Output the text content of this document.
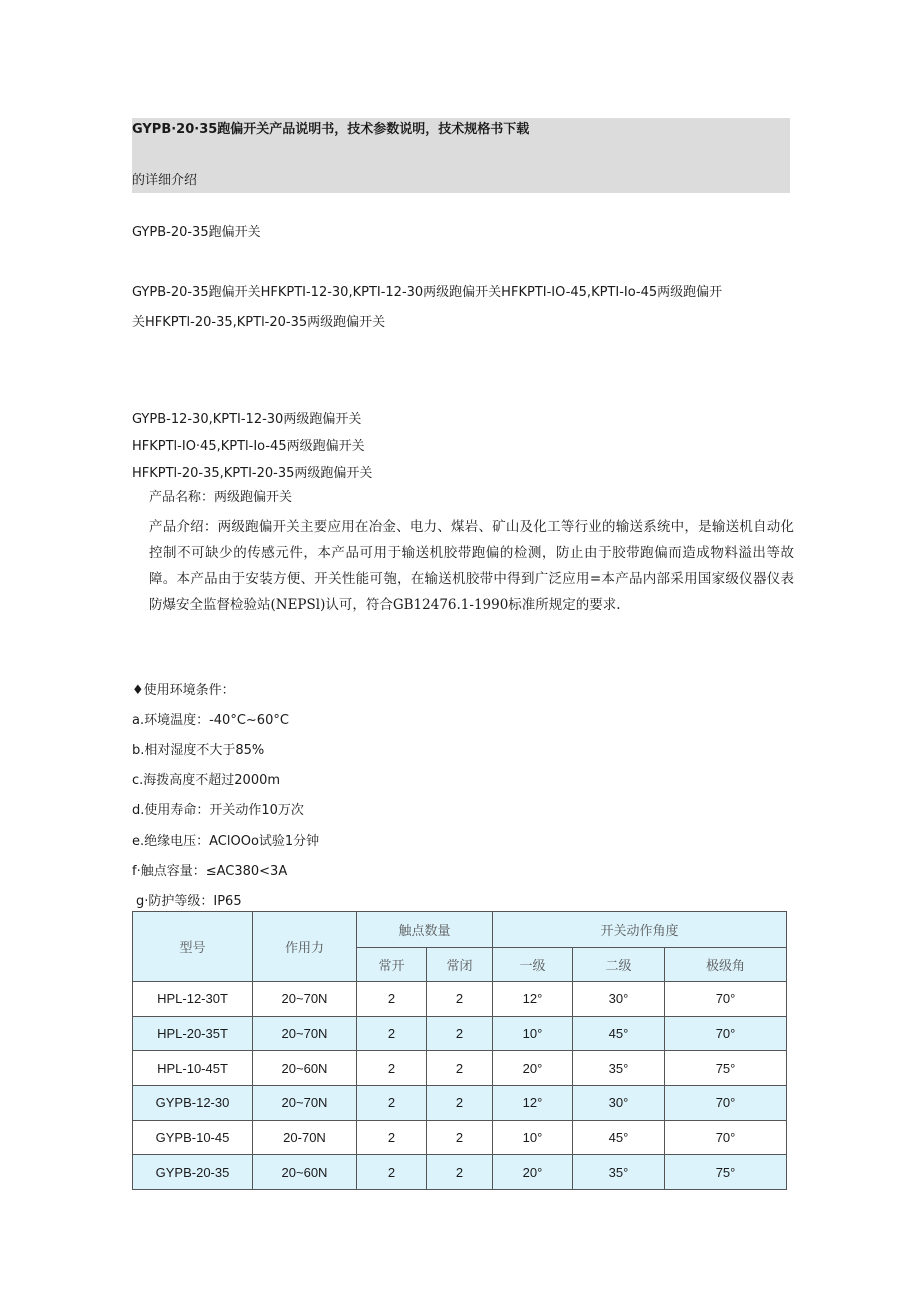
GYPB·20·35跑偏开关产品说明书，技术参数说明，技术规格书下载
的详细介绍
GYPB-20-35跑偏开关
GYPB-20-35跑偏开关HFKPTI-12-30,KPTI-12-30两级跑偏开关HFKPTI-IO-45,KPTI-Io-45两级跑偏开
关HFKPTl-20-35,KPTl-20-35两级跑偏开关
GYPB-12-30,KPTI-12-30两级跑偏开关
HFKPTl-IO·45,KPTl-Io-45两级跑偏开关
HFKPTl-20-35,KPTI-20-35两级跑偏开关
产品名称：两级跑偏开关
产品介绍：两级跑偏开关主要应用在冶金、电力、煤岩、矿山及化工等行业的输送系统中，是输送机自动化控制不可缺少的传感元件，本产品可用于输送机胶带跑偏的检测，防止由于胶带跑偏而造成物料溢出等故障。本产品由于安装方便、开关性能可匏，在输送机胶带中得到广泛应用=本产品内部采用国家级仪器仪表防爆安全监督检验站(NEPSl)认可，符合GB12476.1-1990标准所规定的要求.
♦使用环境条件：
a.环境温度：-40°C~60°C
b.相对湿度不大于85%
c.海拨高度不超过2000m
d.使用寿命：开关动作10万次
e.绝缘电压：AClOOo试验1分钟
f·触点容量：≤AC380<3A
g·防护等级：IP65
型号	作用力	触点数量		开关动作角度		
		常开	常闭	一级	二级	极级角
HPL-12-30T	20~70N	2	2	12°	30°	70°
HPL-20-35T	20~70N	2	2	10°	45°	70°
HPL-10-45T	20~60N	2	2	20°	35°	75°
GYPB-12-30	20~70N	2	2	12°	30°	70°
GYPB-10-45	20-70N	2	2	10°	45°	70°
GYPB-20-35	20~60N	2	2	20°	35°	75°
